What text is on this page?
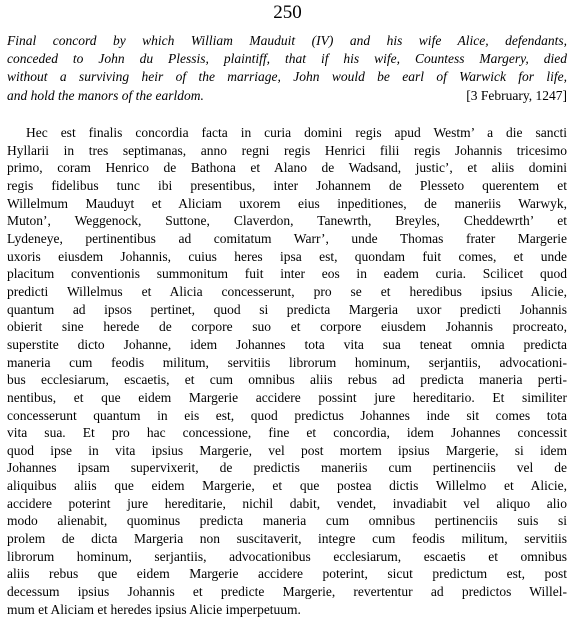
250
Final concord by which William Mauduit (IV) and his wife Alice, defendants,
conceded to John du Plessis, plaintiff, that if his wife, Countess Margery, died
without a surviving heir of the marriage, John would be earl of Warwick for life,
and hold the manors of the earldom.	[3 February, 1247]
Hec est finalis concordia facta in curia domini regis apud Westm’ a die sancti
Hyllarii in tres septimanas, anno regni regis Henrici filii regis Johannis tricesimo
primo, coram Henrico de Bathona et Alano de Wadsand, justic’, et aliis domini
regis fidelibus tunc ibi presentibus, inter Johannem de Plesseto querentem et
Willelmum Mauduyt et Aliciam uxorem eius inpeditiones, de maneriis Warwyk,
Muton’, Weggenock, Suttone, Claverdon, Tanewrth, Breyles, Cheddewrth’ et
Lydeneye, pertinentibus ad comitatum Warr’, unde Thomas frater Margerie
uxoris eiusdem Johannis, cuius heres ipsa est, quondam fuit comes, et unde
placitum conventionis summonitum fuit inter eos in eadem curia. Scilicet quod
predicti Willelmus et Alicia concesserunt, pro se et heredibus ipsius Alicie,
quantum ad ipsos pertinet, quod si predicta Margeria uxor predicti Johannis
obierit sine herede de corpore suo et corpore eiusdem Johannis procreato,
superstite dicto Johanne, idem Johannes tota vita sua teneat omnia predicta
maneria cum feodis militum, servitiis librorum hominum, serjantiis, advocationi-
bus ecclesiarum, escaetis, et cum omnibus aliis rebus ad predicta maneria perti-
nentibus, et que eidem Margerie accidere possint jure hereditario. Et similiter
concesserunt quantum in eis est, quod predictus Johannes inde sit comes tota
vita sua. Et pro hac concessione, fine et concordia, idem Johannes concessit
quod ipse in vita ipsius Margerie, vel post mortem ipsius Margerie, si idem
Johannes ipsam supervixerit, de predictis maneriis cum pertinenciis vel de
aliquibus aliis que eidem Margerie, et que postea dictis Willelmo et Alicie,
accidere poterint jure hereditarie, nichil dabit, vendet, invadiabit vel aliquo alio
modo alienabit, quominus predicta maneria cum omnibus pertinenciis suis si
prolem de dicta Margeria non suscitaverit, integre cum feodis militum, servitiis
librorum hominum, serjantiis, advocationibus ecclesiarum, escaetis et omnibus
aliis rebus que eidem Margerie accidere poterint, sicut predictum est, post
decessum ipsius Johannis et predicte Margerie, revertentur ad predictos Willel-
mum et Aliciam et heredes ipsius Alicie imperpetuum.
